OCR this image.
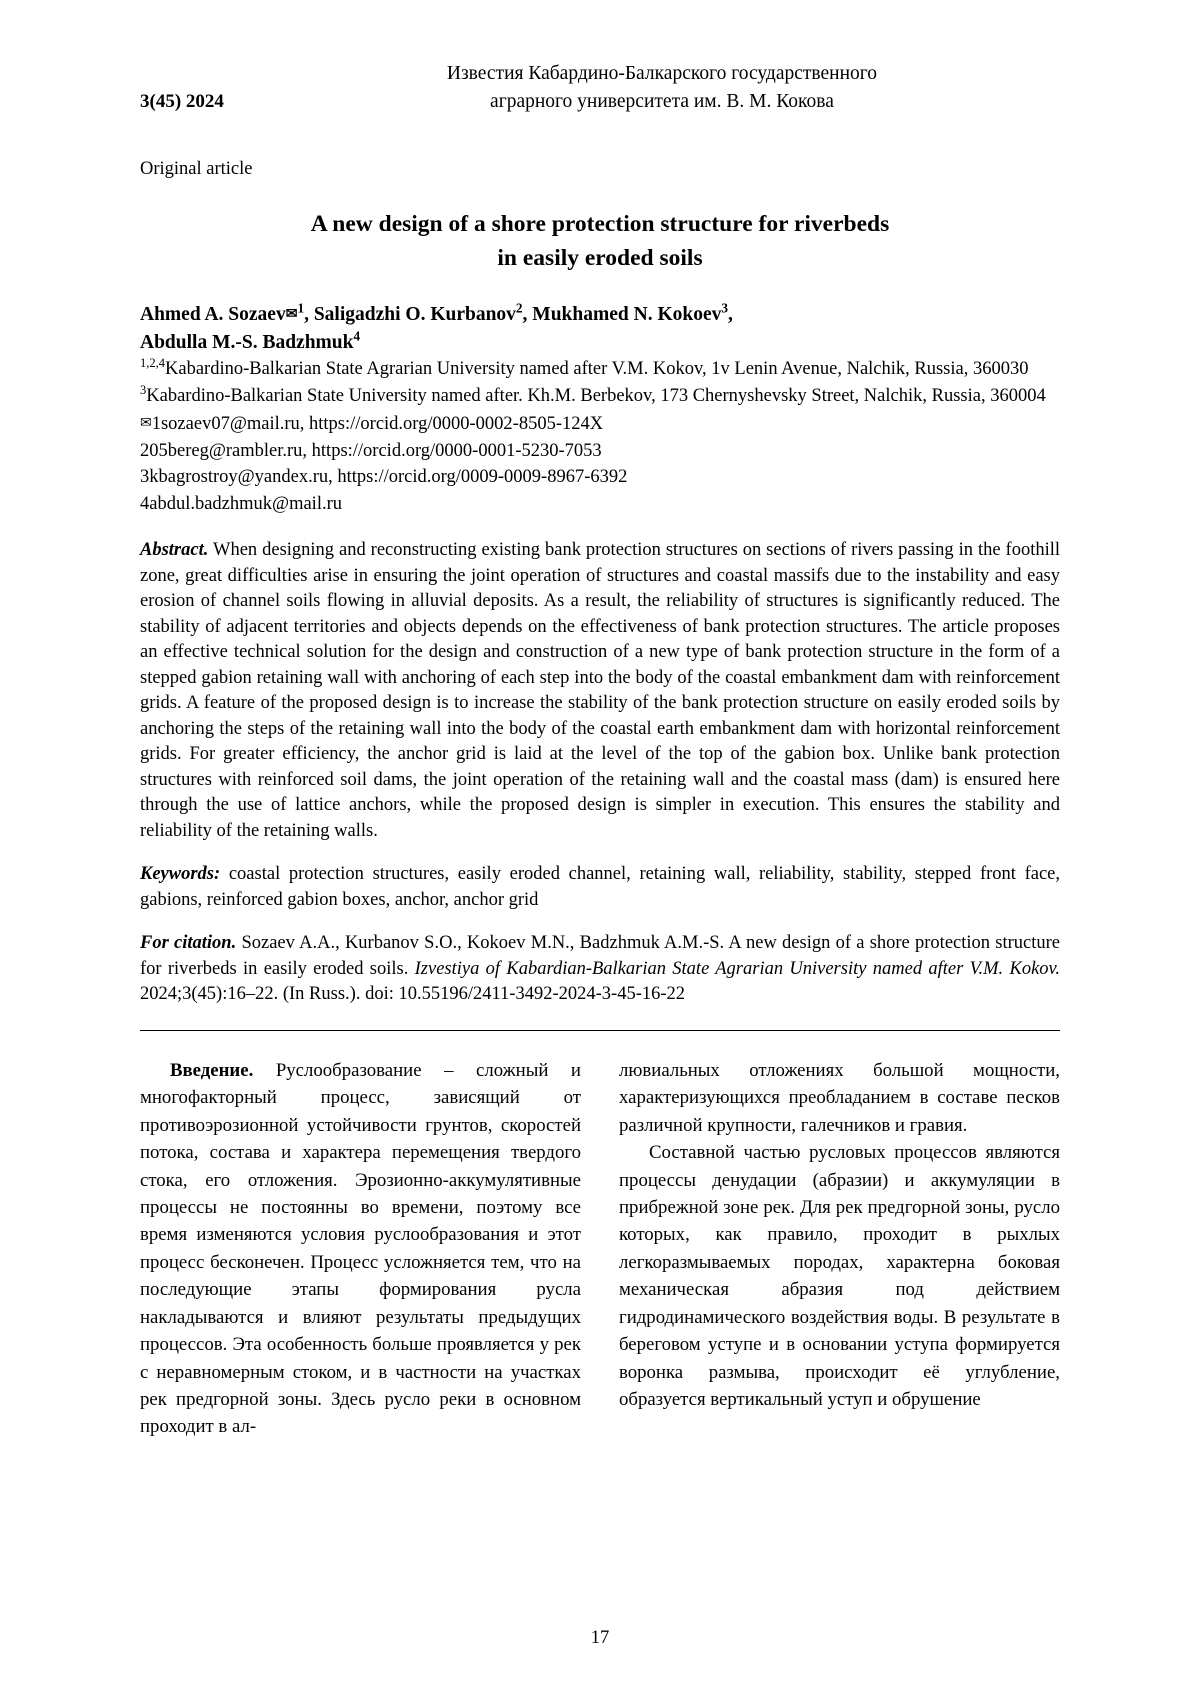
3(45) 2024
Известия Кабардино-Балкарского государственного
аграрного университета им. В. М. Кокова
Original article
A new design of a shore protection structure for riverbeds
in easily eroded soils
Ahmed A. Sozaev✉$^1$, Saligadzhi O. Kurbanov$^2$, Mukhamed N. Kokoev$^3$,
Abdulla M.-S. Badzhmuk$^4$
$^{1,2,4}$Kabardino-Balkarian State Agrarian University named after V.M. Kokov, 1v Lenin Avenue, Nalchik, Russia, 360030
$^3$Kabardino-Balkarian State University named after. Kh.M. Berbekov, 173 Chernyshevsky Street, Nalchik, Russia, 360004
✉1sozaev07@mail.ru, https://orcid.org/0000-0002-8505-124X
205bereg@rambler.ru, https://orcid.org/0000-0001-5230-7053
3kbagrostroy@yandex.ru, https://orcid.org/0009-0009-8967-6392
4abdul.badzhmuk@mail.ru
Abstract. When designing and reconstructing existing bank protection structures on sections of rivers passing in the foothill zone, great difficulties arise in ensuring the joint operation of structures and coastal massifs due to the instability and easy erosion of channel soils flowing in alluvial deposits. As a result, the reliability of structures is significantly reduced. The stability of adjacent territories and objects depends on the effectiveness of bank protection structures. The article proposes an effective technical solution for the design and construction of a new type of bank protection structure in the form of a stepped gabion retaining wall with anchoring of each step into the body of the coastal embankment dam with reinforcement grids. A feature of the proposed design is to increase the stability of the bank protection structure on easily eroded soils by anchoring the steps of the retaining wall into the body of the coastal earth embankment dam with horizontal reinforcement grids. For greater efficiency, the anchor grid is laid at the level of the top of the gabion box. Unlike bank protection structures with reinforced soil dams, the joint operation of the retaining wall and the coastal mass (dam) is ensured here through the use of lattice anchors, while the proposed design is simpler in execution. This ensures the stability and reliability of the retaining walls.
Keywords: coastal protection structures, easily eroded channel, retaining wall, reliability, stability, stepped front face, gabions, reinforced gabion boxes, anchor, anchor grid
For citation. Sozaev A.A., Kurbanov S.O., Kokoev M.N., Badzhmuk A.M.-S. A new design of a shore protection structure for riverbeds in easily eroded soils. Izvestiya of Kabardian-Balkarian State Agrarian University named after V.M. Kokov. 2024;3(45):16–22. (In Russ.). doi: 10.55196/2411-3492-2024-3-45-16-22

Введение. Руслообразование – сложный и многофакторный процесс, зависящий от противоэрозионной устойчивости грунтов, скоростей потока, состава и характера перемещения твердого стока, его отложения. Эрозионно-аккумулятивные процессы не постоянны во времени, поэтому все время изменяются условия руслообразования и этот процесс бесконечен. Процесс усложняется тем, что на последующие этапы формирования русла накладываются и влияют результаты предыдущих процессов. Эта особенность больше проявляется у рек с неравномерным стоком, и в частности на участках рек предгорной зоны. Здесь русло реки в основном проходит в ал-

лювиальных отложениях большой мощности, характеризующихся преобладанием в составе песков различной крупности, галечников и гравия.

Составной частью русловых процессов являются процессы денудации (абразии) и аккумуляции в прибрежной зоне рек. Для рек предгорной зоны, русло которых, как правило, проходит в рыхлых легкоразмываемых породах, характерна боковая механическая абразия под действием гидродинамического воздействия воды. В результате в береговом уступе и в основании уступа формируется воронка размыва, происходит её углубление, образуется вертикальный уступ и обрушение

17
